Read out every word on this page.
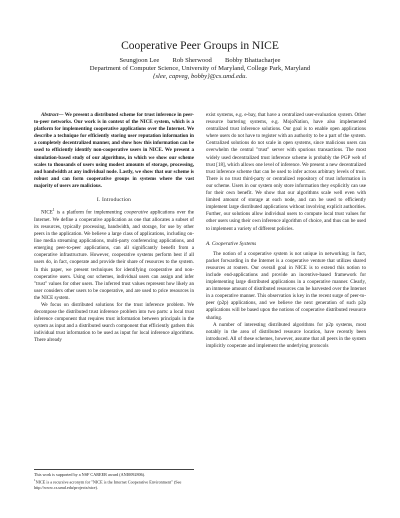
Cooperative Peer Groups in NICE
Seungjoon Lee        Rob Sherwood        Bobby Bhattacharjee
Department of Computer Science, University of Maryland, College Park, Maryland
{slee, capveg, bobby}@cs.umd.edu.

Abstract— We present a distributed scheme for trust inference in peer-to-peer networks. Our work is in context of the NICE system, which is a platform for implementing cooperative applications over the Internet. We describe a technique for efficiently storing user reputation information in a completely decentralized manner, and show how this information can be used to efficiently identify non-cooperative users in NICE. We present a simulation-based study of our algorithms, in which we show our scheme scales to thousands of users using modest amounts of storage, processing, and bandwidth at any individual node. Lastly, we show that our scheme is robust and can form cooperative groups in systems where the vast majority of users are malicious.

I. Introduction

NICE$^1$ is a platform for implementing cooperative applications over the Internet. We define a cooperative application as one that allocates a subset of its resources, typically processing, bandwidth, and storage, for use by other peers in the application. We believe a large class of applications, including on-line media streaming applications, multi-party conferencing applications, and emerging peer-to-peer applications, can all significantly benefit from a cooperative infrastructure. However, cooperative systems perform best if all users do, in fact, cooperate and provide their share of resources to the system. In this paper, we present techniques for identifying cooperative and non-cooperative users. Using our schemes, individual users can assign and infer "trust" values for other users. The inferred trust values represent how likely an user considers other users to be cooperative, and are used to price resources in the NICE system.

We focus on distributed solutions for the trust inference problem. We decompose the distributed trust inference problem into two parts: a local trust inference component that requires trust information between principals in the system as input and a distributed search component that efficiently gathers this individual trust information to be used as input for local inference algorithms. There already

This work is supported by a NSF CAREER award (ANI0092806).

$^1$NICE is a recursive acronym for "NICE is the Internet Cooperative Environment" (See http://www.cs.umd.edu/projects/nice).

exist systems, e.g. e-bay, that have a centralized user-evaluation system. Other resource bartering systems, e.g. MojoNation, have also implemented centralized trust inference solutions. Our goal is to enable open applications where users do not have to register with an authority to be a part of the system. Centralized solutions do not scale in open systems, since malicious users can overwhelm the central "trust" server with spurious transactions. The most widely used decentralized trust inference scheme is probably the PGP web of trust [18], which allows one level of inference. We present a new decentralized trust inference scheme that can be used to infer across arbitrary levels of trust. There is no trust third-party or centralized repository of trust information in our scheme. Users in our system only store information they explicitly can use for their own benefit. We show that our algorithms scale well even with limited amount of storage at each node, and can be used to efficiently implement large distributed applications without involving explicit authorities. Further, our solutions allow individual users to compute local trust values for other users using their own inference algorithm of choice, and thus can be used to implement a variety of different policies.

A. Cooperative Systems

The notion of a cooperative system is not unique in networking; in fact, packet forwarding in the Internet is a cooperative venture that utilizes shared resources at routers. Our overall goal in NICE is to extend this notion to include end-applications and provide an incentive-based framework for implementing large distributed applications in a cooperative manner. Clearly, an immense amount of distributed resources can be harvested over the Internet in a cooperative manner. This observation is key in the recent surge of peer-to-peer (p2p) applications, and we believe the next generation of such p2p applications will be based upon the notions of cooperative distributed resource sharing.

A number of interesting distributed algorithms for p2p systems, most notably in the area of distributed resource location, have recently been introduced. All of these schemes, however, assume that all peers in the system implicitly cooperate and implement the underlying protocols
